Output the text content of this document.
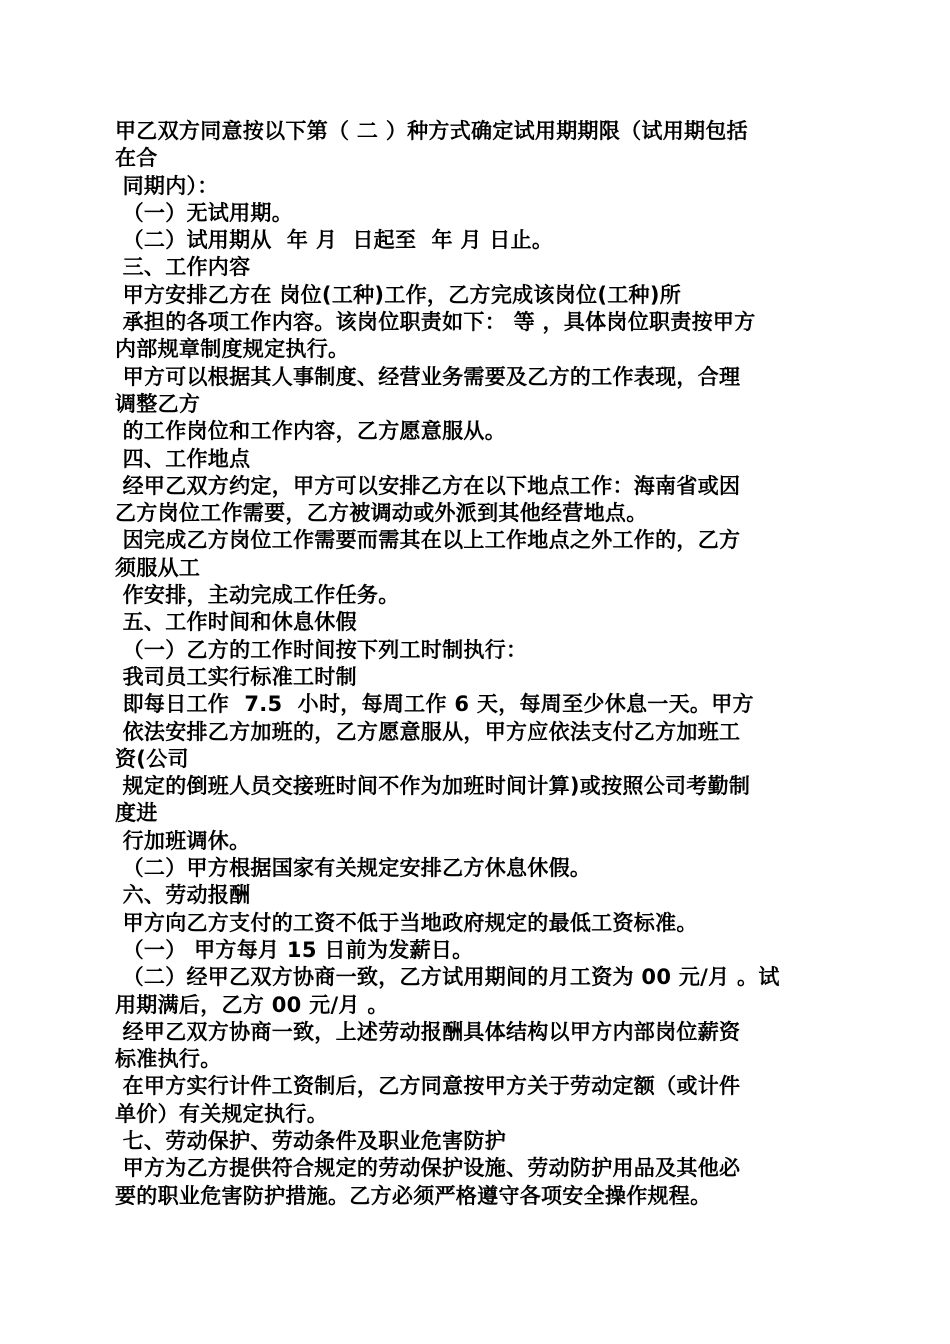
甲乙双方同意按以下第（ 二 ）种方式确定试用期期限（试用期包括
在合
同期内）：
（一）无试用期。
（二）试用期从  年 月  日起至  年 月 日止。
三、工作内容
甲方安排乙方在 岗位(工种)工作，乙方完成该岗位(工种)所
承担的各项工作内容。该岗位职责如下： 等 ，具体岗位职责按甲方
内部规章制度规定执行。
甲方可以根据其人事制度、经营业务需要及乙方的工作表现，合理
调整乙方
的工作岗位和工作内容，乙方愿意服从。
四、工作地点
经甲乙双方约定，甲方可以安排乙方在以下地点工作：海南省或因
乙方岗位工作需要，乙方被调动或外派到其他经营地点。
因完成乙方岗位工作需要而需其在以上工作地点之外工作的，乙方
须服从工
作安排，主动完成工作任务。
五、工作时间和休息休假
（一）乙方的工作时间按下列工时制执行：
我司员工实行标准工时制
即每日工作  7.5  小时，每周工作 6 天，每周至少休息一天。甲方
依法安排乙方加班的，乙方愿意服从，甲方应依法支付乙方加班工
资(公司
规定的倒班人员交接班时间不作为加班时间计算)或按照公司考勤制
度进
行加班调休。
（二）甲方根据国家有关规定安排乙方休息休假。
六、劳动报酬
甲方向乙方支付的工资不低于当地政府规定的最低工资标准。
（一） 甲方每月 15 日前为发薪日。
（二）经甲乙双方协商一致，乙方试用期间的月工资为 00 元/月 。试
用期满后，乙方 00 元/月 。
经甲乙双方协商一致，上述劳动报酬具体结构以甲方内部岗位薪资
标准执行。
在甲方实行计件工资制后，乙方同意按甲方关于劳动定额（或计件
单价）有关规定执行。
七、劳动保护、劳动条件及职业危害防护
甲方为乙方提供符合规定的劳动保护设施、劳动防护用品及其他必
要的职业危害防护措施。乙方必须严格遵守各项安全操作规程。
